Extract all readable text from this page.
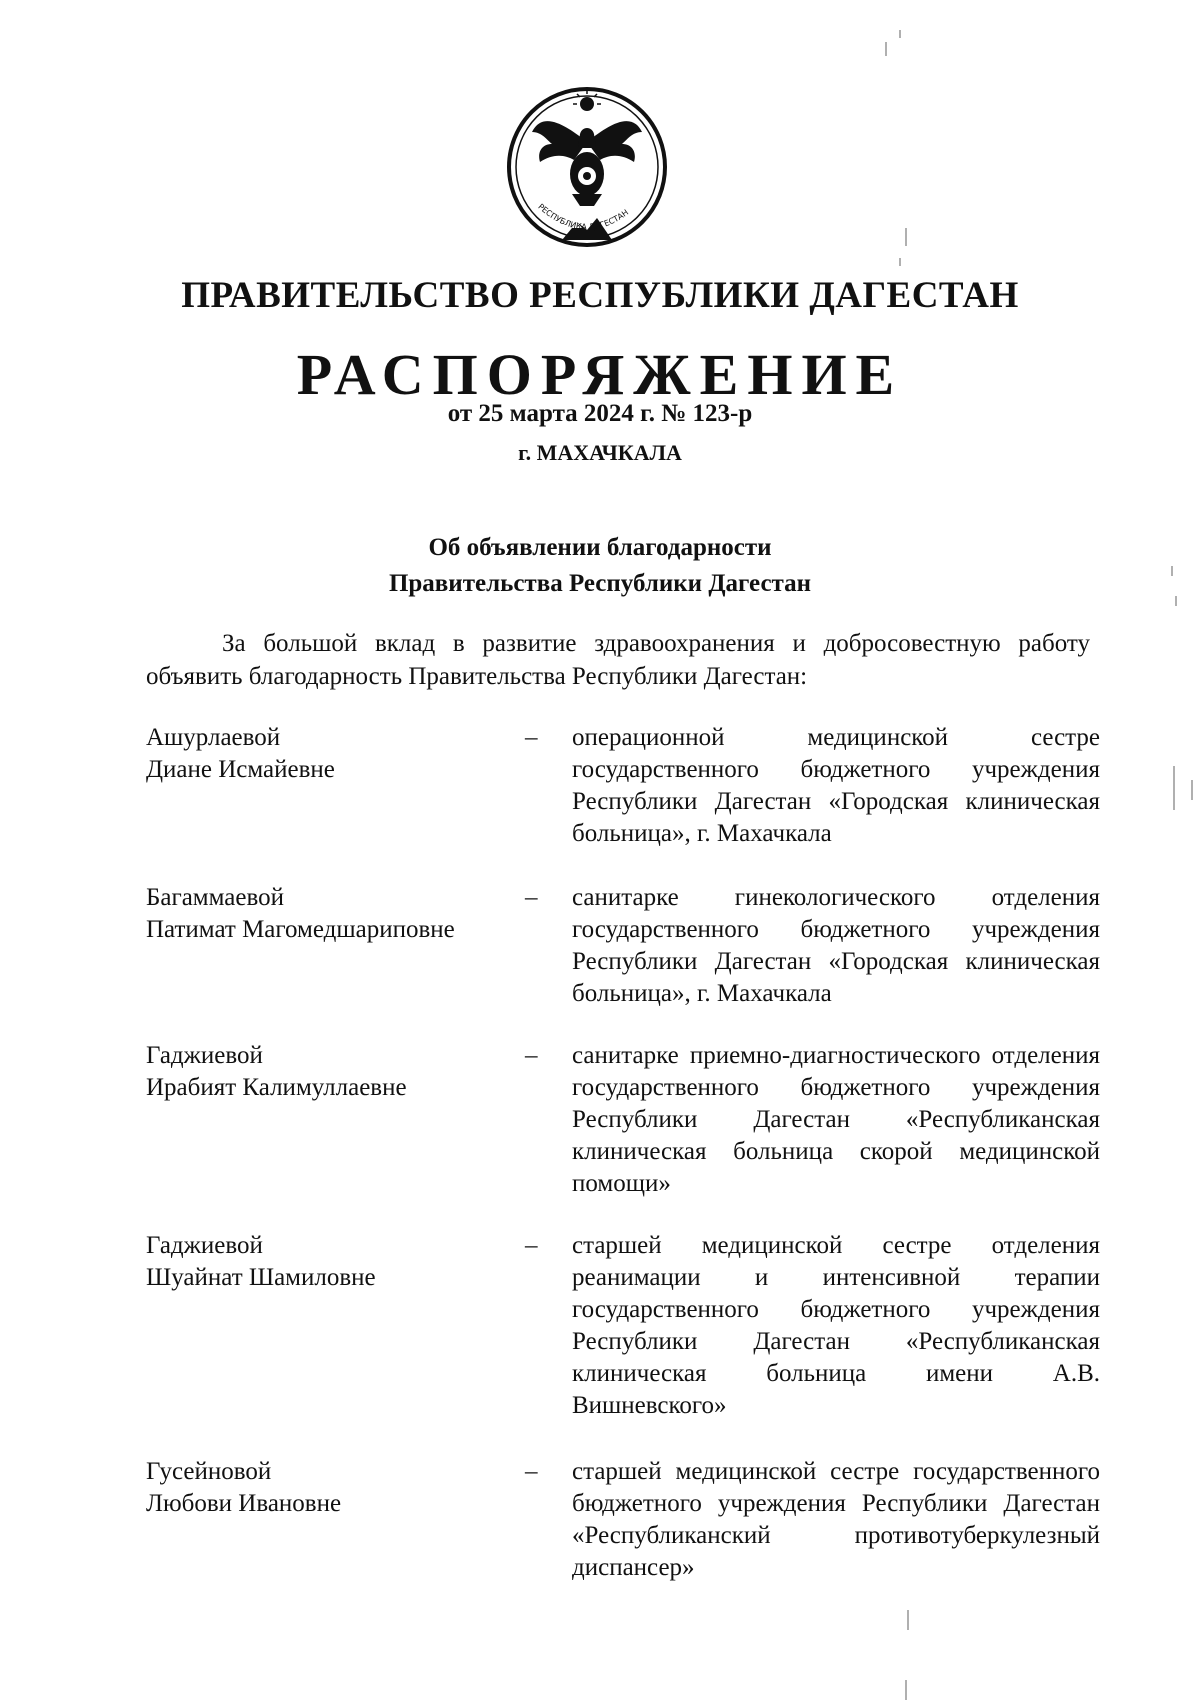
РЕСПУБЛИКА ДАГЕСТАН
ПРАВИТЕЛЬСТВО РЕСПУБЛИКИ ДАГЕСТАН
РАСПОРЯЖЕНИЕ
от 25 марта 2024 г. № 123-р
г. МАХАЧКАЛА
Об объявлении благодарности
Правительства Республики Дагестан
За большой вклад в развитие здравоохранения и добросовестную работу объявить благодарность Правительства Республики Дагестан:
Ашурлаевой
Диане Исмайевне
–	операционной медицинской сестре государственного бюджетного учреждения Республики Дагестан «Городская клиническая больница», г. Махачкала
Багаммаевой
Патимат Магомедшариповне
–	санитарке гинекологического отделения государственного бюджетного учреждения Республики Дагестан «Городская клиническая больница», г. Махачкала
Гаджиевой
Ирабият Калимуллаевне
–	санитарке приемно-диагностического отделения государственного бюджетного учреждения Республики Дагестан «Республиканская клиническая больница скорой медицинской помощи»
Гаджиевой
Шуайнат Шамиловне
–	старшей медицинской сестре отделения реанимации и интенсивной терапии государственного бюджетного учреждения Республики Дагестан «Республиканская клиническая больница имени А.В. Вишневского»
Гусейновой
Любови Ивановне
–	старшей медицинской сестре государственного бюджетного учреждения Республики Дагестан «Республиканский противотуберкулезный диспансер»
